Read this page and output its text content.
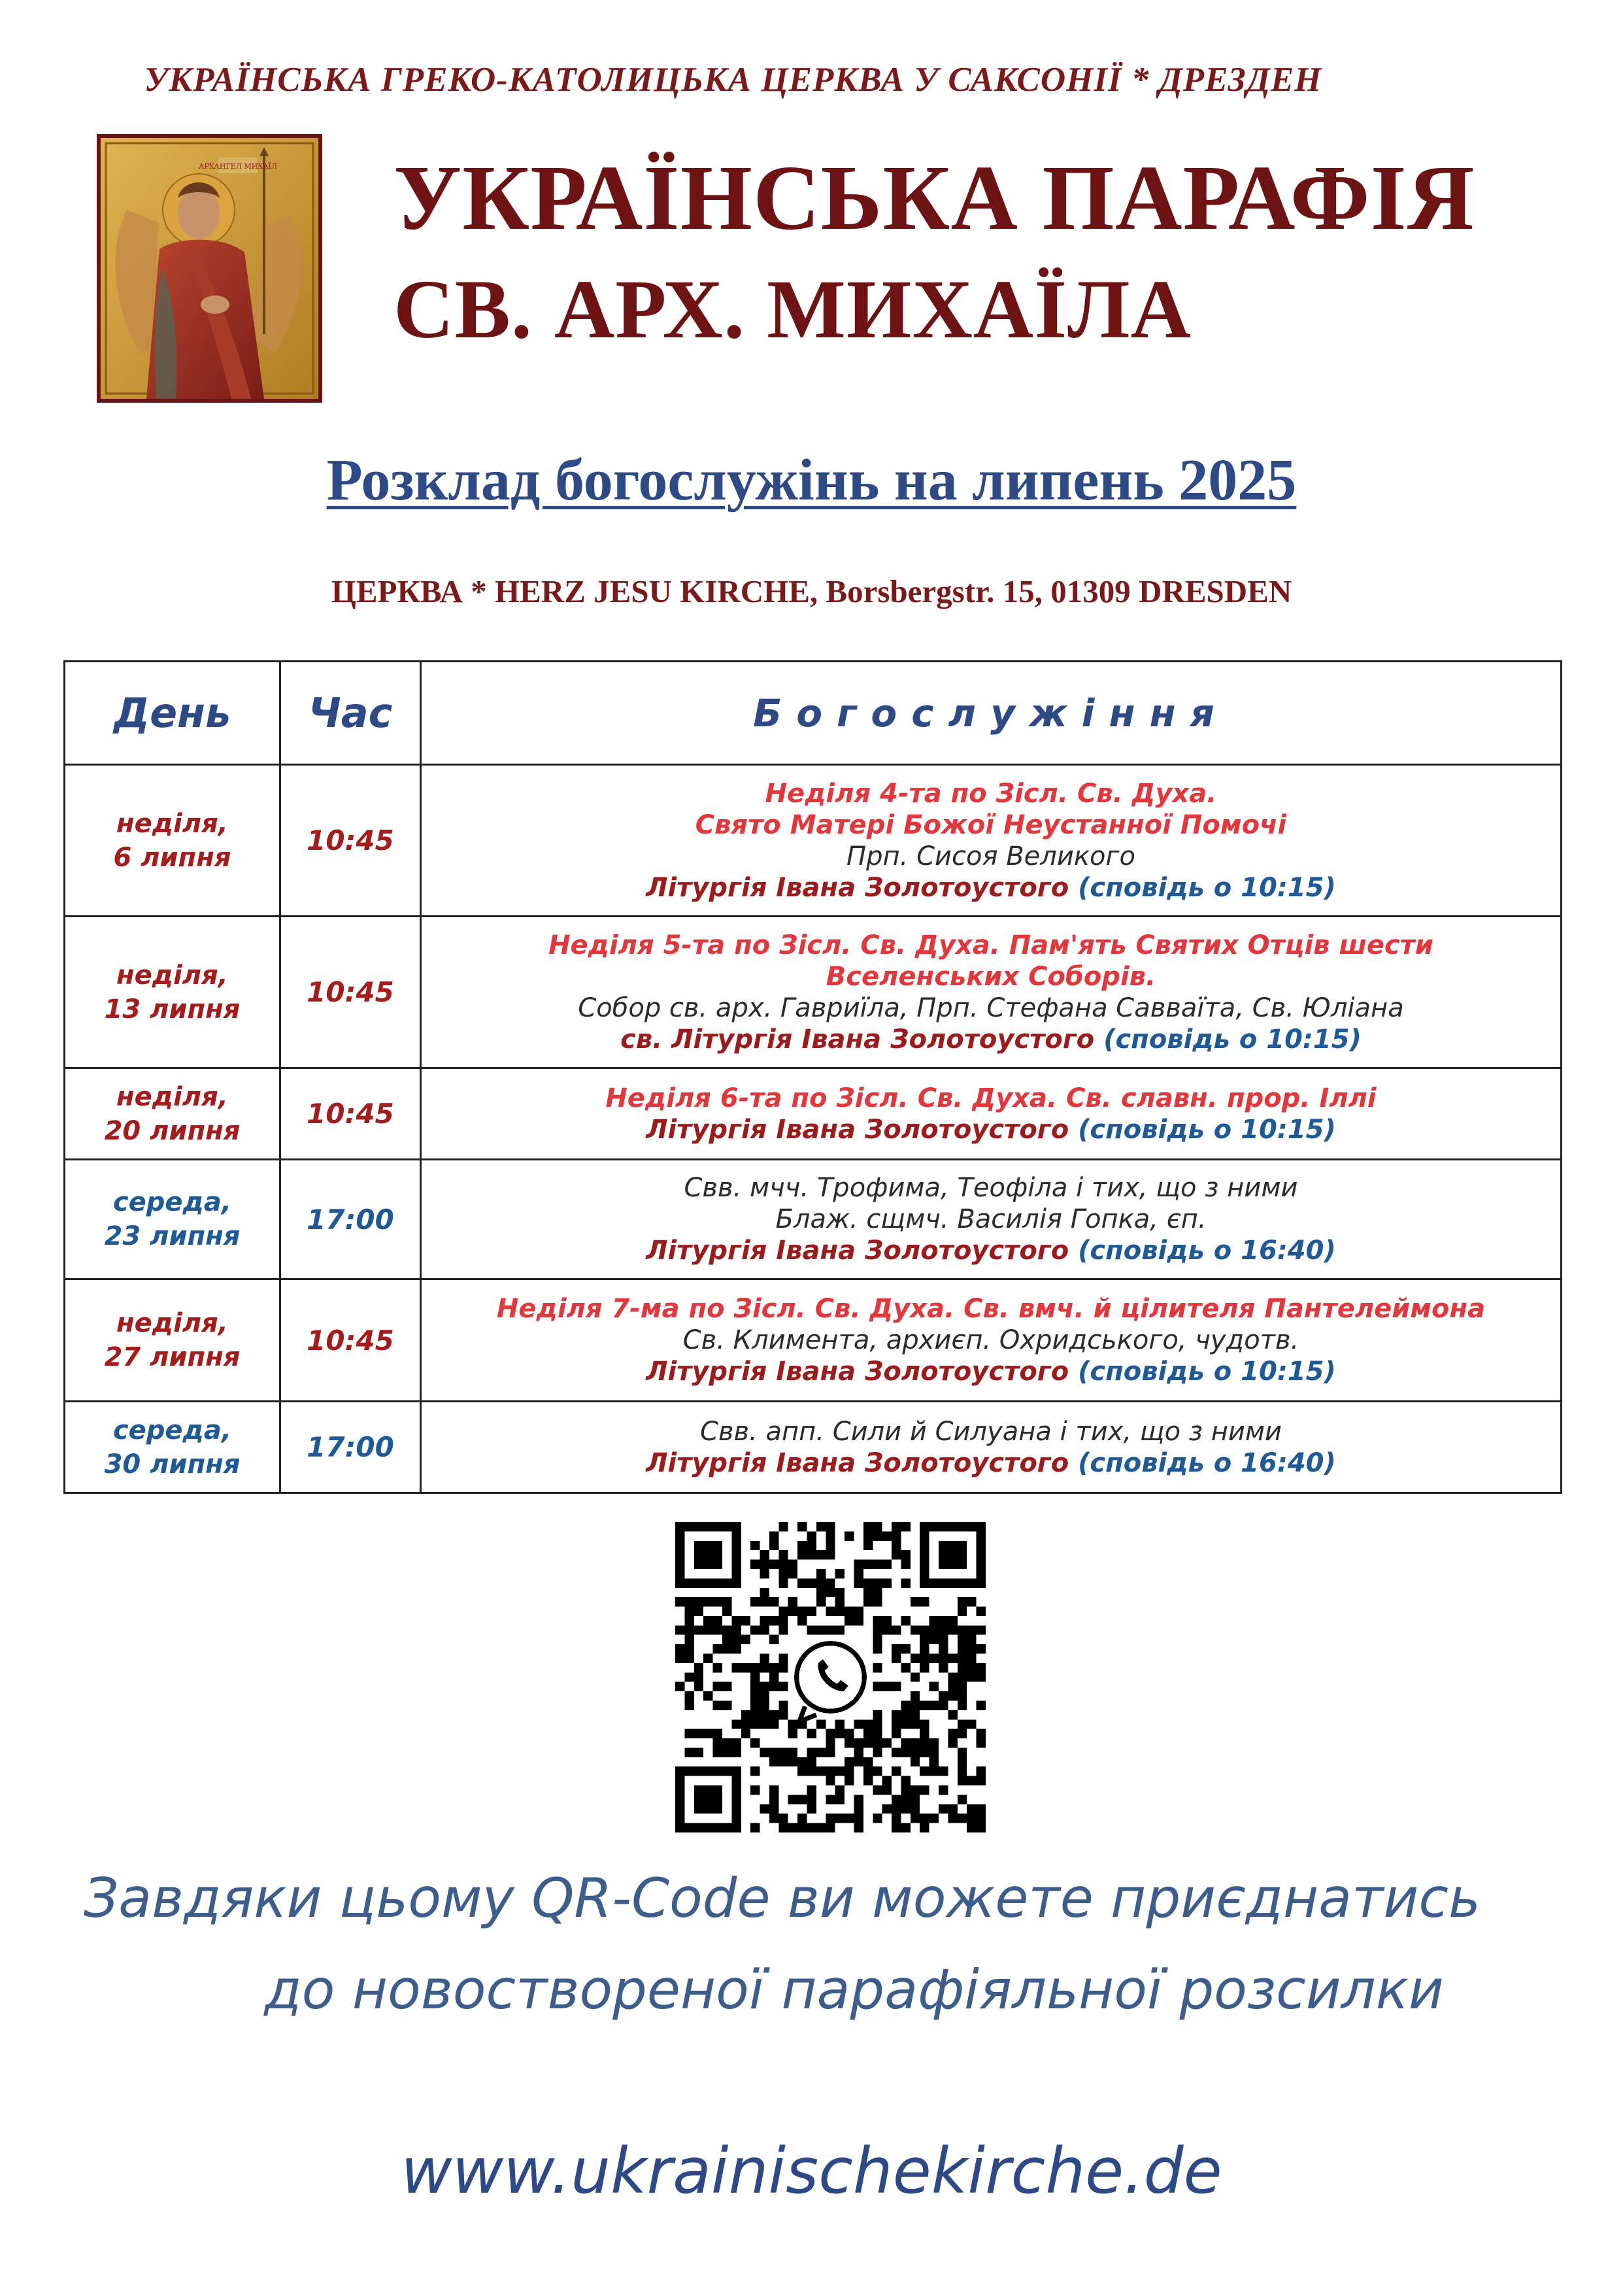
УКРАЇНСЬКА ГРЕКО-КАТОЛИЦЬКА ЦЕРКВА У САКСОНІЇ * ДРЕЗДЕН
АРХАНГЕЛ МИХАЇЛ УКРАЇНСЬКА ПАРАФІЯ
СВ. АРХ. МИХАЇЛА
Розклад богослужінь на липень 2025
ЦЕРКВА * HERZ JESU KIRCHE, Borsbergstr. 15, 01309 DRESDEN
День	Час	Богослужіння

неділя,
6 липня	10:45	Неділя 4-та по Зісл. Св. Духа.
Свято Матері Божої Неустанної Помочі
Прп. Сисоя Великого
Літургія Івана Золотоустого (сповідь о 10:15)

неділя,
13 липня	10:45	Неділя 5-та по Зісл. Св. Духа. Пам'ять Святих Отців шести
Вселенських Соборів.
Собор св. арх. Гавриїла, Прп. Стефана Савваїта, Св. Юліана
св. Літургія Івана Золотоустого (сповідь о 10:15)

неділя,
20 липня	10:45	Неділя 6-та по Зісл. Св. Духа. Св. славн. прор. Іллі
Літургія Івана Золотоустого (сповідь о 10:15)

середа,
23 липня	17:00	Свв. мчч. Трофима, Теофіла і тих, що з ними
Блаж. сщмч. Василія Гопка, єп.
Літургія Івана Золотоустого (сповідь о 16:40)

неділя,
27 липня	10:45	Неділя 7-ма по Зісл. Св. Духа. Св. вмч. й цілителя Пантелеймона
Св. Климента, архиєп. Охридського, чудотв.
Літургія Івана Золотоустого (сповідь о 10:15)

середа,
30 липня	17:00	Свв. апп. Сили й Силуана і тих, що з ними
Літургія Івана Золотоустого (сповідь о 16:40)
Завдяки цьому QR-Code ви можете приєднатись
до новоствореної парафіяльної розсилки
www.ukrainischekirche.de
